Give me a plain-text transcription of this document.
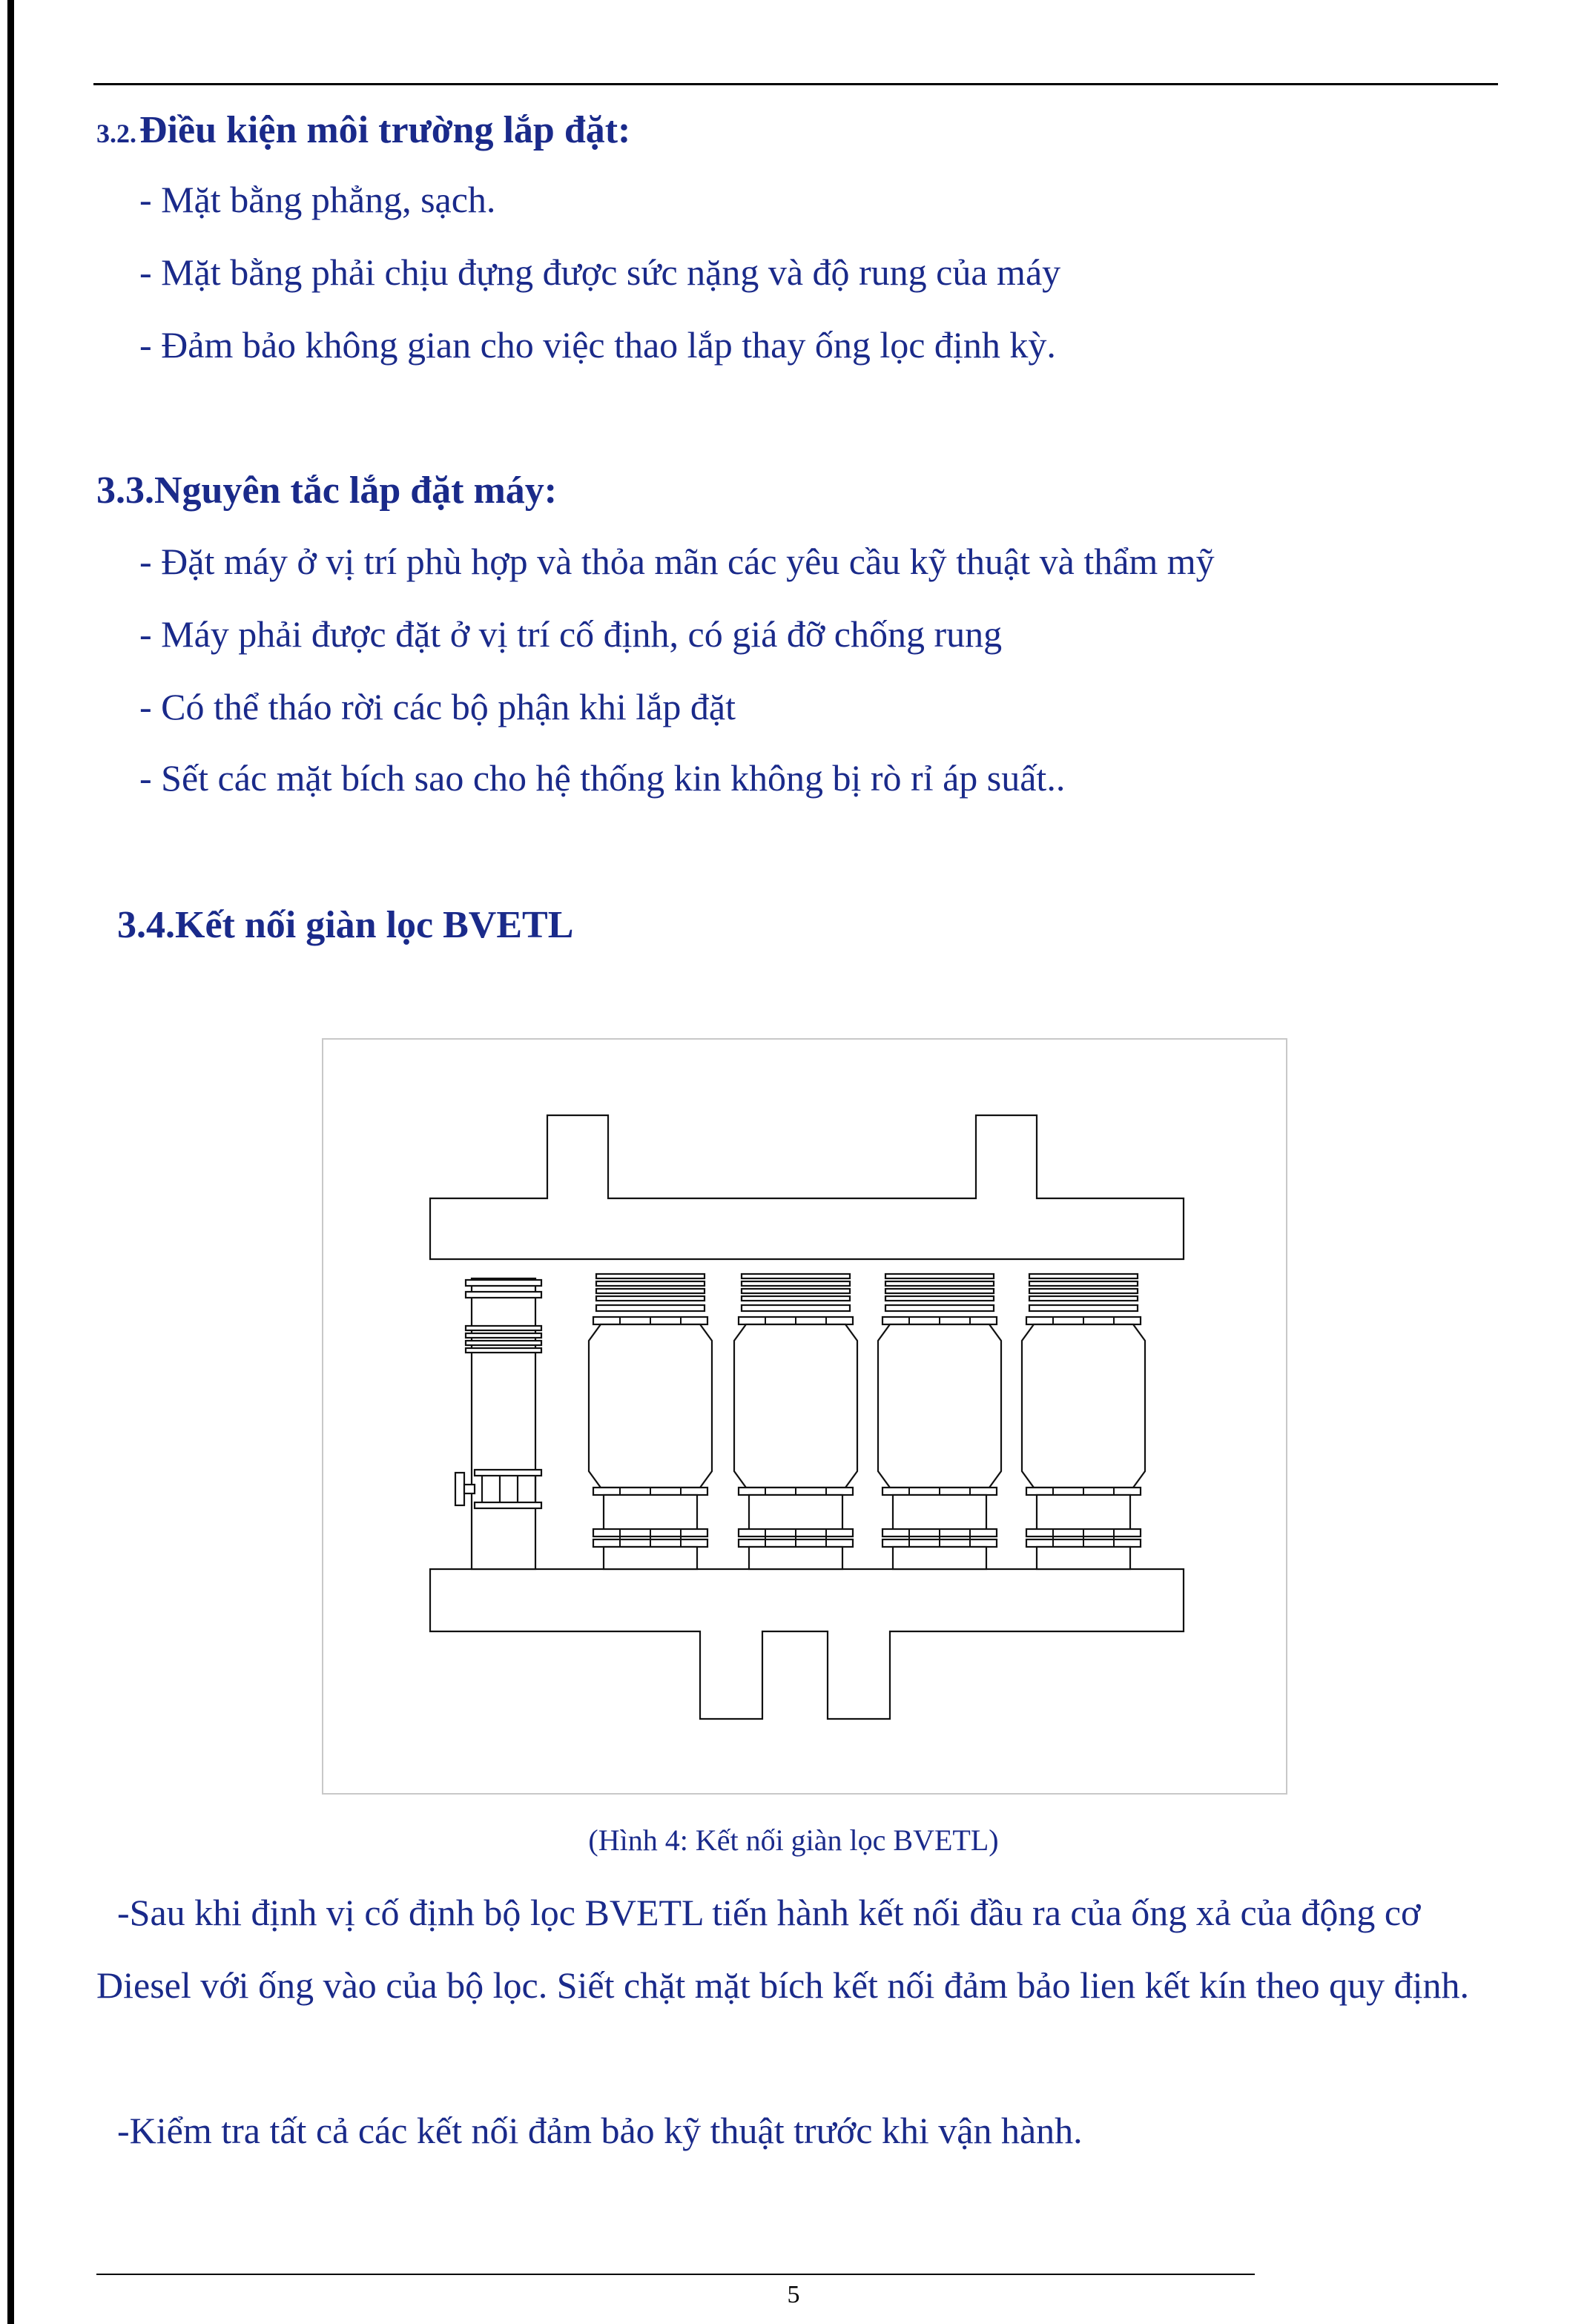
3.2. Điều kiện môi trường lắp đặt:
- Mặt bằng phẳng, sạch.
- Mặt bằng phải chịu đựng được sức nặng và độ rung của máy
- Đảm bảo không gian cho việc thao lắp thay ống lọc định kỳ.
3.3.Nguyên tắc lắp đặt máy:
- Đặt máy ở vị trí phù hợp và thỏa mãn các yêu cầu kỹ thuật và thẩm mỹ
- Máy phải được đặt ở vị trí cố định, có giá đỡ chống rung
- Có thể tháo rời các bộ phận khi lắp đặt
- Sết các mặt bích sao cho hệ thống kin không bị rò rỉ áp suất..
3.4.Kết nối giàn lọc BVETL
(Hình 4: Kết nối giàn lọc BVETL)
-Sau khi định vị cố định bộ lọc BVETL tiến hành kết nối đầu ra của ống xả của động cơ Diesel với ống vào của bộ lọc. Siết chặt mặt bích kết nối đảm bảo lien kết kín theo quy định.
-Kiểm tra tất cả các kết nối đảm bảo kỹ thuật trước khi vận hành.
5
